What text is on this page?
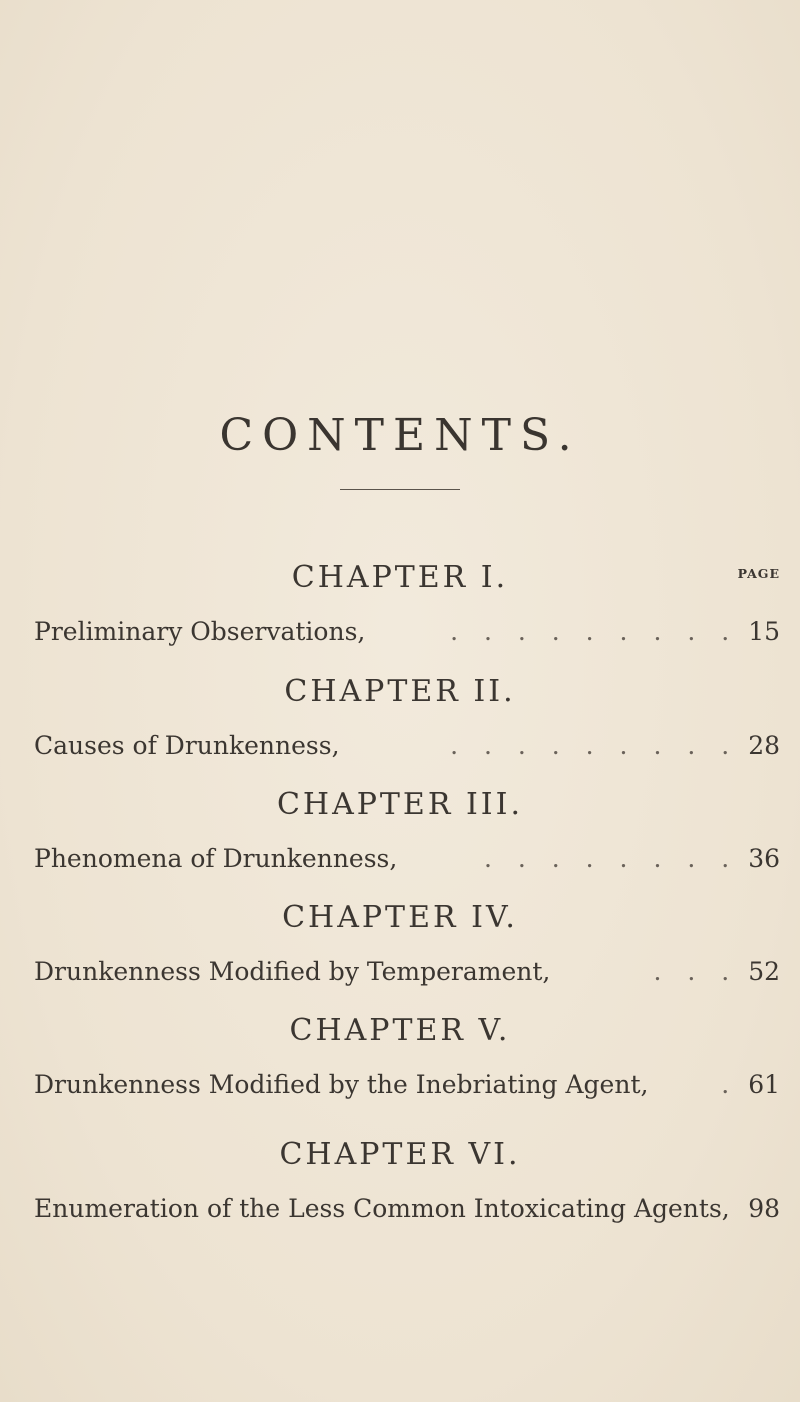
CONTENTS.
PAGE
CHAPTER I.
Preliminary Observations,	. . . . . . . . . 15
CHAPTER II.
Causes of Drunkenness,	. . . . . . . . . 28
CHAPTER III.
Phenomena of Drunkenness,	. . . . . . . . 36
CHAPTER IV.
Drunkenness Modified by Temperament,	. . . 52
CHAPTER V.
Drunkenness Modified by the Inebriating Agent,	. 61
CHAPTER VI.
Enumeration of the Less Common Intoxicating Agents, 98
